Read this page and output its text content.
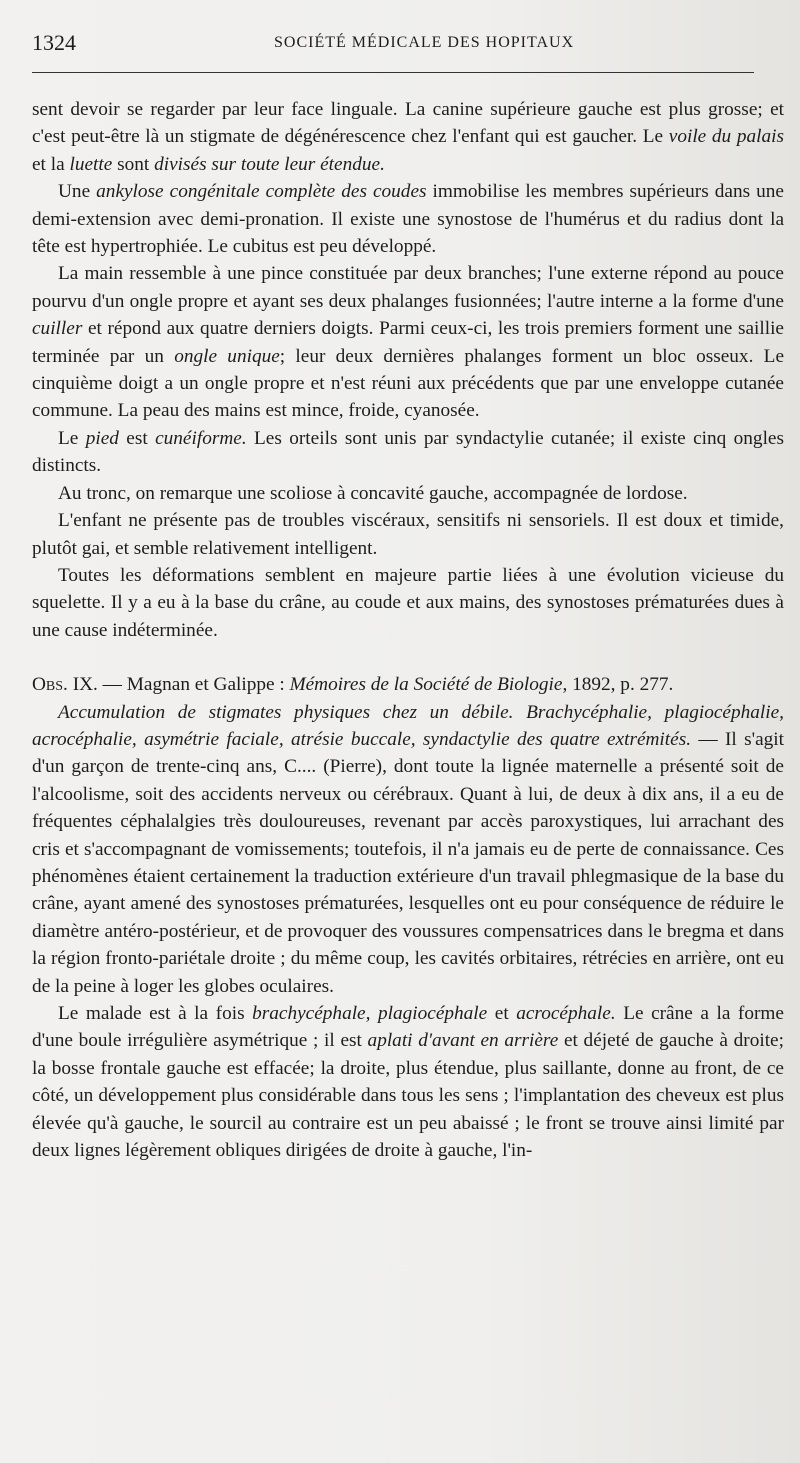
1324	SOCIÉTÉ MÉDICALE DES HOPITAUX

sent devoir se regarder par leur face linguale. La canine supérieure gauche est plus grosse; et c'est peut-être là un stigmate de dégénérescence chez l'enfant qui est gaucher. Le voile du palais et la luette sont divisés sur toute leur étendue.

Une ankylose congénitale complète des coudes immobilise les membres supérieurs dans une demi-extension avec demi-pronation. Il existe une synostose de l'humérus et du radius dont la tête est hypertrophiée. Le cubitus est peu développé.

La main ressemble à une pince constituée par deux branches; l'une externe répond au pouce pourvu d'un ongle propre et ayant ses deux phalanges fusionnées; l'autre interne a la forme d'une cuiller et répond aux quatre derniers doigts. Parmi ceux-ci, les trois premiers forment une saillie terminée par un ongle unique; leur deux dernières phalanges forment un bloc osseux. Le cinquième doigt a un ongle propre et n'est réuni aux précédents que par une enveloppe cutanée commune. La peau des mains est mince, froide, cyanosée.

Le pied est cunéiforme. Les orteils sont unis par syndactylie cutanée; il existe cinq ongles distincts.

Au tronc, on remarque une scoliose à concavité gauche, accompagnée de lordose.

L'enfant ne présente pas de troubles viscéraux, sensitifs ni sensoriels. Il est doux et timide, plutôt gai, et semble relativement intelligent.

Toutes les déformations semblent en majeure partie liées à une évolution vicieuse du squelette. Il y a eu à la base du crâne, au coude et aux mains, des synostoses prématurées dues à une cause indéterminée.

Obs. IX. — Magnan et Galippe : Mémoires de la Société de Biologie, 1892, p. 277.

Accumulation de stigmates physiques chez un débile. Brachycéphalie, plagiocéphalie, acrocéphalie, asymétrie faciale, atrésie buccale, syndactylie des quatre extrémités. — Il s'agit d'un garçon de trente-cinq ans, C.... (Pierre), dont toute la lignée maternelle a présenté soit de l'alcoolisme, soit des accidents nerveux ou cérébraux. Quant à lui, de deux à dix ans, il a eu de fréquentes céphalalgies très douloureuses, revenant par accès paroxystiques, lui arrachant des cris et s'accompagnant de vomissements; toutefois, il n'a jamais eu de perte de connaissance. Ces phénomènes étaient certainement la traduction extérieure d'un travail phlegmasique de la base du crâne, ayant amené des synostoses prématurées, lesquelles ont eu pour conséquence de réduire le diamètre antéro-postérieur, et de provoquer des voussures compensatrices dans le bregma et dans la région fronto-pariétale droite ; du même coup, les cavités orbitaires, rétrécies en arrière, ont eu de la peine à loger les globes oculaires.

Le malade est à la fois brachycéphale, plagiocéphale et acrocéphale. Le crâne a la forme d'une boule irrégulière asymétrique ; il est aplati d'avant en arrière et déjeté de gauche à droite; la bosse frontale gauche est effacée; la droite, plus étendue, plus saillante, donne au front, de ce côté, un développement plus considérable dans tous les sens ; l'implantation des cheveux est plus élevée qu'à gauche, le sourcil au contraire est un peu abaissé ; le front se trouve ainsi limité par deux lignes légèrement obliques dirigées de droite à gauche, l'in-
